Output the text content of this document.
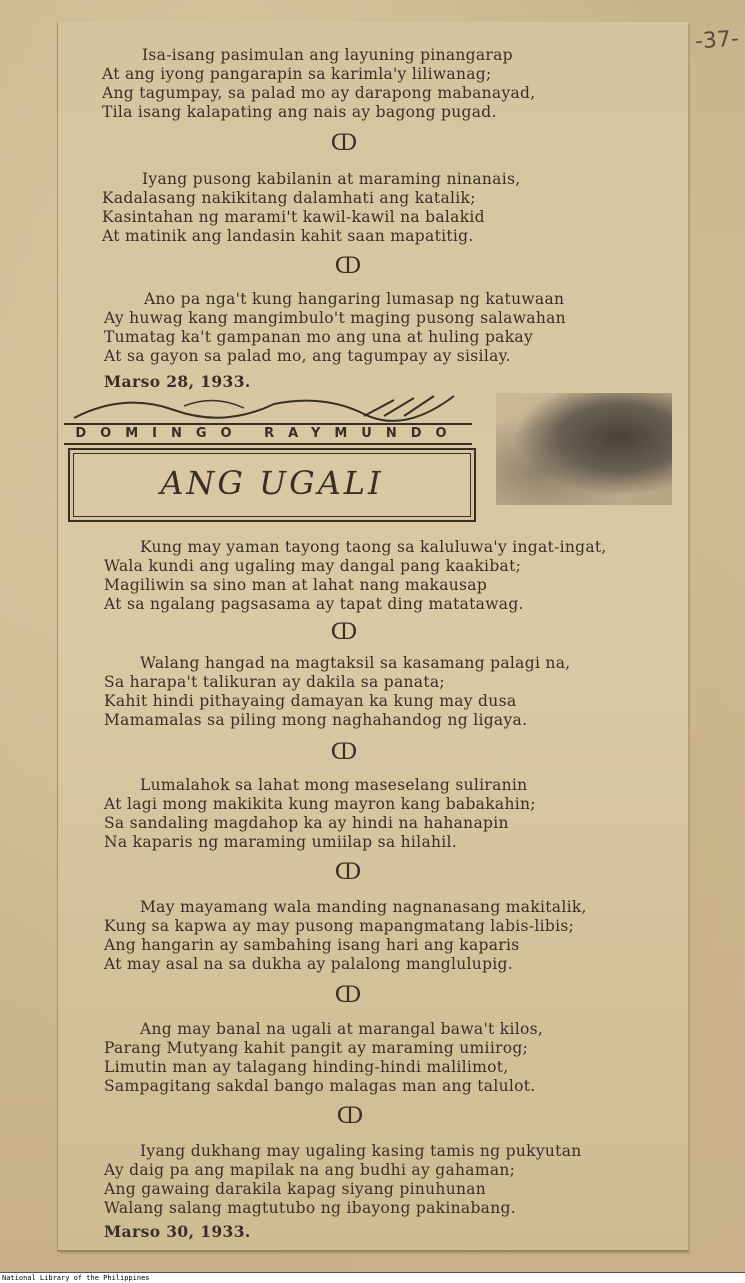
-37-
Isa-isang pasimulan ang layuning pinangarap
At ang iyong pangarapin sa karimla'y liliwanag;
Ang tagumpay, sa palad mo ay darapong mabanayad,
Tila isang kalapating ang nais ay bagong pugad.
ↀ
Iyang pusong kabilanin at maraming ninanais,
Kadalasang nakikitang dalamhati ang katalik;
Kasintahan ng marami't kawil-kawil na balakid
At matinik ang landasin kahit saan mapatitig.
ↀ
Ano pa nga't kung hangaring lumasap ng katuwaan
Ay huwag kang mangimbulo't maging pusong salawahan
Tumatag ka't gampanan mo ang una at huling pakay
At sa gayon sa palad mo, ang tagumpay ay sisilay.
Marso 28, 1933.
DOMINGO RAYMUNDO
ANG UGALI
Kung may yaman tayong taong sa kaluluwa'y ingat-ingat,
Wala kundi ang ugaling may dangal pang kaakibat;
Magiliwin sa sino man at lahat nang makausap
At sa ngalang pagsasama ay tapat ding matatawag.
ↀ
Walang hangad na magtaksil sa kasamang palagi na,
Sa harapa't talikuran ay dakila sa panata;
Kahit hindi pithayaing damayan ka kung may dusa
Mamamalas sa piling mong naghahandog ng ligaya.
ↀ
Lumalahok sa lahat mong maseselang suliranin
At lagi mong makikita kung mayron kang babakahin;
Sa sandaling magdahop ka ay hindi na hahanapin
Na kaparis ng maraming umiilap sa hilahil.
ↀ
May mayamang wala manding nagnanasang makitalik,
Kung sa kapwa ay may pusong mapangmatang labis-libis;
Ang hangarin ay sambahing isang hari ang kaparis
At may asal na sa dukha ay palalong manglulupig.
ↀ
Ang may banal na ugali at marangal bawa't kilos,
Parang Mutyang kahit pangit ay maraming umiirog;
Limutin man ay talagang hinding-hindi malilimot,
Sampagitang sakdal bango malagas man ang talulot.
ↀ
Iyang dukhang may ugaling kasing tamis ng pukyutan
Ay daig pa ang mapilak na ang budhi ay gahaman;
Ang gawaing darakila kapag siyang pinuhunan
Walang salang magtutubo ng ibayong pakinabang.
Marso 30, 1933.
National Library of the Philippines
